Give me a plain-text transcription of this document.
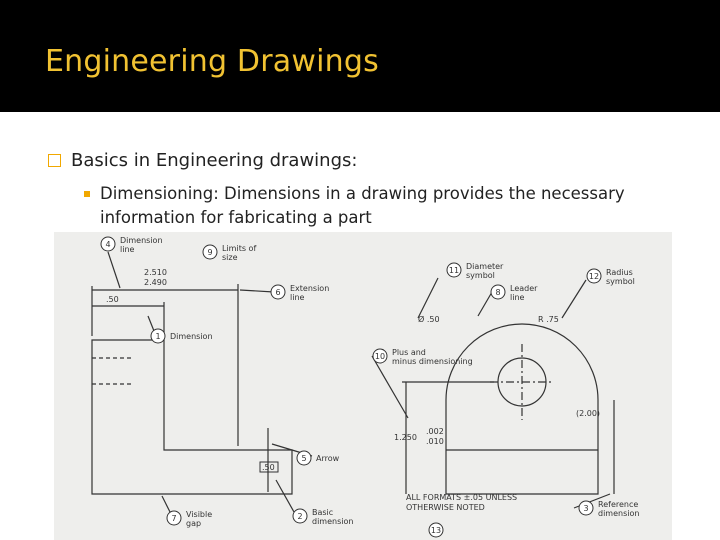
Engineering Drawings
Basics in Engineering drawings:
Dimensioning: Dimensions in a drawing provides the necessary information for fabricating a part
2.510
2.490
.50
.50
Ø .50	R .75
1.250
.002
.010
(2.00)
ALL FORMATS ±.05 UNLESS
OTHERWISE NOTED
1 Dimension
2 Basic
dimension
3 Reference
dimension
4 Dimension
line
5 Arrow
6 Extension
line
7 Visible
gap
8 Leader
line
9 Limits of
size
10 Plus and
minus dimensioning
11 Diameter
symbol	12 Radius
symbol
13
